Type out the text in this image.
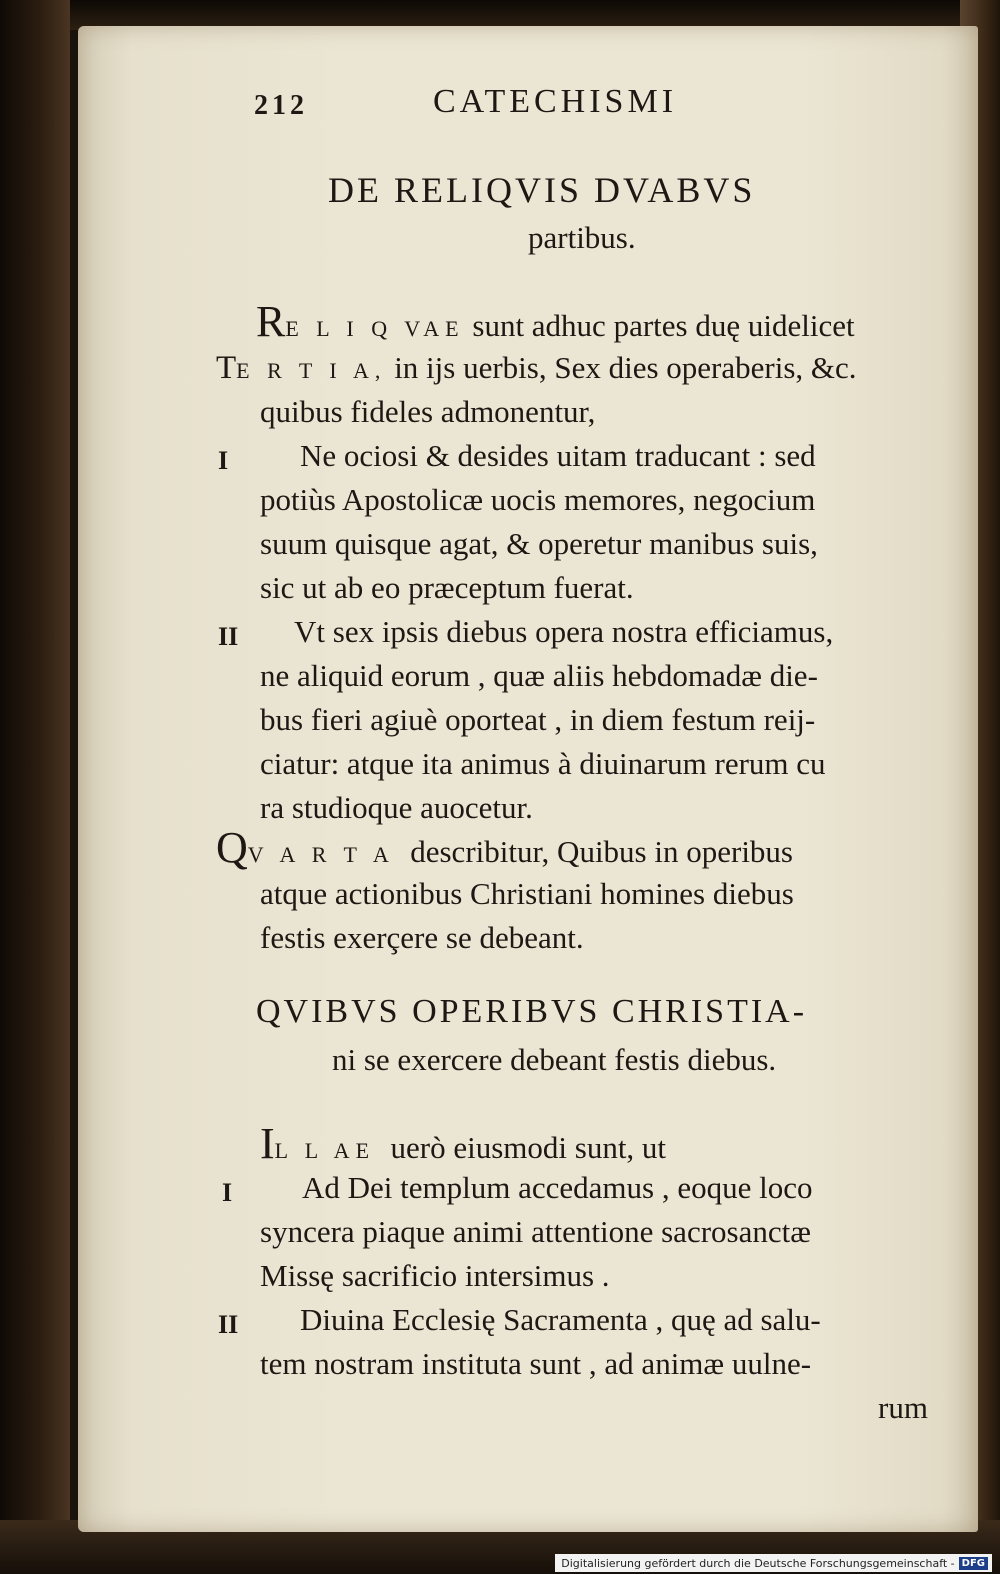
212	CATECHISMI
DE RELIQVIS DVABVS
partibus.
RE L I Q VAE sunt adhuc partes duę uidelicet
TE R T I A, in ijs uerbis, Sex dies operaberis, &c.
quibus fideles admonentur,
I Ne ociosi & desides uitam traducant : sed
potiùs Apostolicæ uocis memores, negocium
suum quisque agat, & operetur manibus suis,
sic ut ab eo præceptum fuerat.
II Vt sex ipsis diebus opera nostra efficiamus,
ne aliquid eorum , quæ aliis hebdomadæ die-
bus fieri agiuè oporteat , in diem festum reij-
ciatur: atque ita animus à diuinarum rerum cu
ra studioque auocetur.
QV A R T A describitur, Quibus in operibus
atque actionibus Christiani homines diebus
festis exerçere se debeant.
QVIBVS OPERIBVS CHRISTIA-
ni se exercere debeant festis diebus.
IL L AE uerò eiusmodi sunt, ut
I Ad Dei templum accedamus , eoque loco
syncera piaque animi attentione sacrosanctæ
Missę sacrificio intersimus .
II Diuina Ecclesię Sacramenta , quę ad salu-
tem nostram instituta sunt , ad animæ uulne-
rum
Digitalisierung gefördert durch die Deutsche Forschungsgemeinschaft - DFG
